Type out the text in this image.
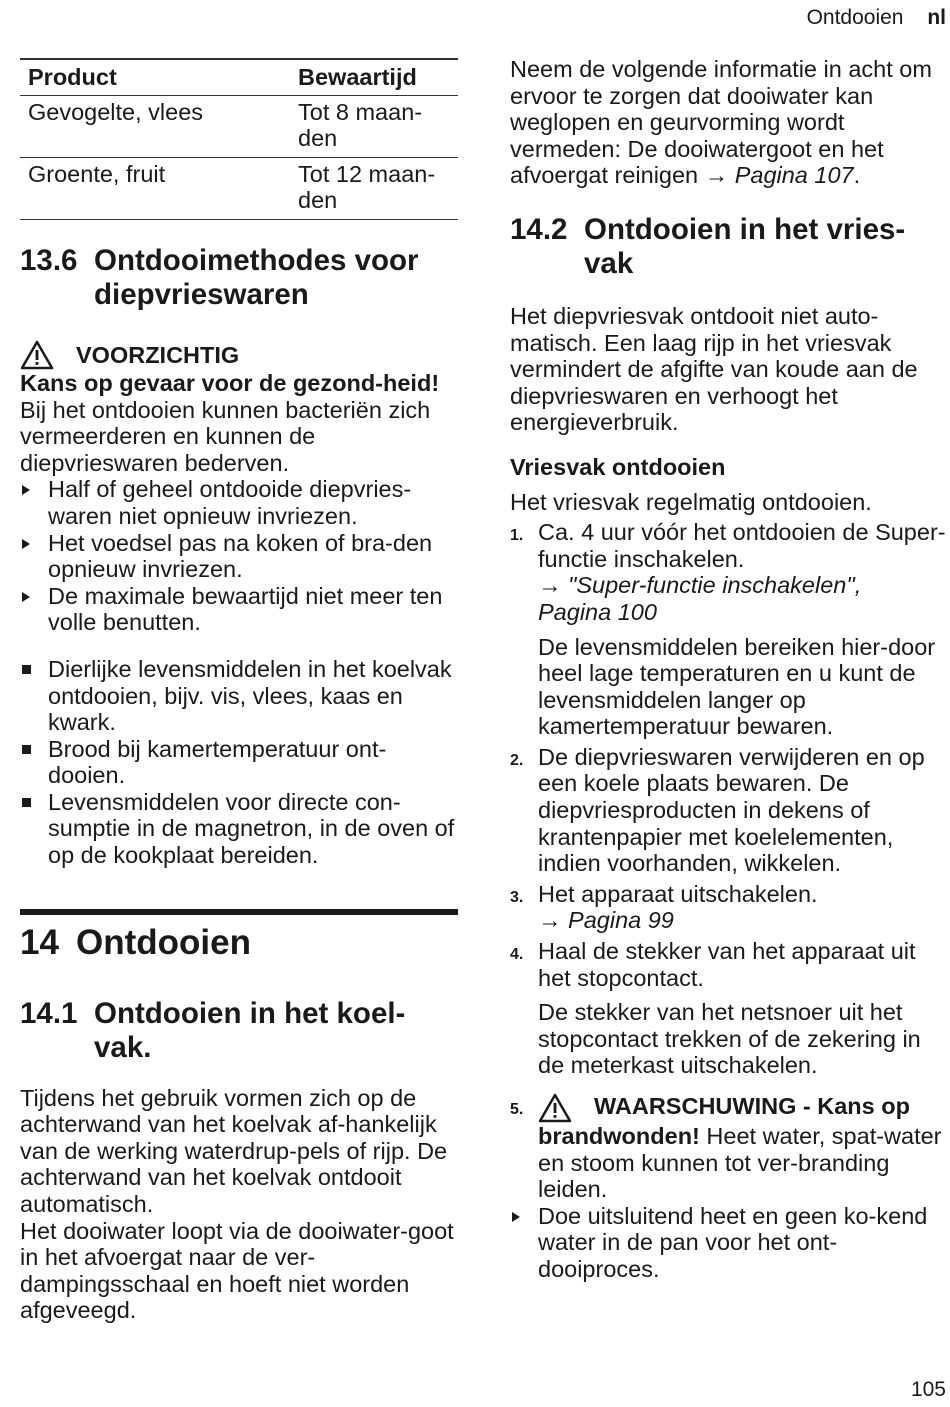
Ontdooien nl
Product	Bewaartijd
Gevogelte, vlees	Tot 8 maan-
den
Groente, fruit	Tot 12 maan-
den
13.6 Ontdooimethodes voor diepvrieswaren
VOORZICHTIG

Kans op gevaar voor de gezond-heid!

Bij het ontdooien kunnen bacteriën zich vermeerderen en kunnen de diepvrieswaren bederven.

Half of geheel ontdooide diepvries-waren niet opnieuw invriezen.
Het voedsel pas na koken of bra-den opnieuw invriezen.
De maximale bewaartijd niet meer ten volle benutten.
Dierlijke levensmiddelen in het koelvak ontdooien, bijv. vis, vlees, kaas en kwark.
Brood bij kamertemperatuur ont-dooien.
Levensmiddelen voor directe con-sumptie in de magnetron, in de oven of op de kookplaat bereiden.
14 Ontdooien
14.1 Ontdooien in het koel-vak.

Tijdens het gebruik vormen zich op de achterwand van het koelvak af-hankelijk van de werking waterdrup-pels of rijp. De achterwand van het koelvak ontdooit automatisch.

Het dooiwater loopt via de dooiwater-goot in het afvoergat naar de ver-dampingsschaal en hoeft niet worden afgeveegd.

Neem de volgende informatie in acht om ervoor te zorgen dat dooiwater kan weglopen en geurvorming wordt vermeden: De dooiwatergoot en het afvoergat reinigen → Pagina 107.

14.2 Ontdooien in het vries-vak

Het diepvriesvak ontdooit niet auto-matisch. Een laag rijp in het vriesvak vermindert de afgifte van koude aan de diepvrieswaren en verhoogt het energieverbruik.

Vriesvak ontdooien

Het vriesvak regelmatig ontdooien.

1. Ca. 4 uur vóór het ontdooien de Super-functie inschakelen.
→ "Super-functie inschakelen",
Pagina 100

De levensmiddelen bereiken hier-door heel lage temperaturen en u kunt de levensmiddelen langer op kamertemperatuur bewaren.

2. De diepvrieswaren verwijderen en op een koele plaats bewaren. De diepvriesproducten in dekens of krantenpapier met koelelementen, indien voorhanden, wikkelen.
3. Het apparaat uitschakelen.
→ Pagina 99
4. Haal de stekker van het apparaat uit het stopcontact.

De stekker van het netsnoer uit het stopcontact trekken of de zekering in de meterkast uitschakelen.

5.	WAARSCHUWING - Kans op brandwonden! Heet water, spat-water en stoom kunnen tot ver-branding leiden.
Doe uitsluitend heet en geen ko-kend water in de pan voor het ont-dooiproces.
105
